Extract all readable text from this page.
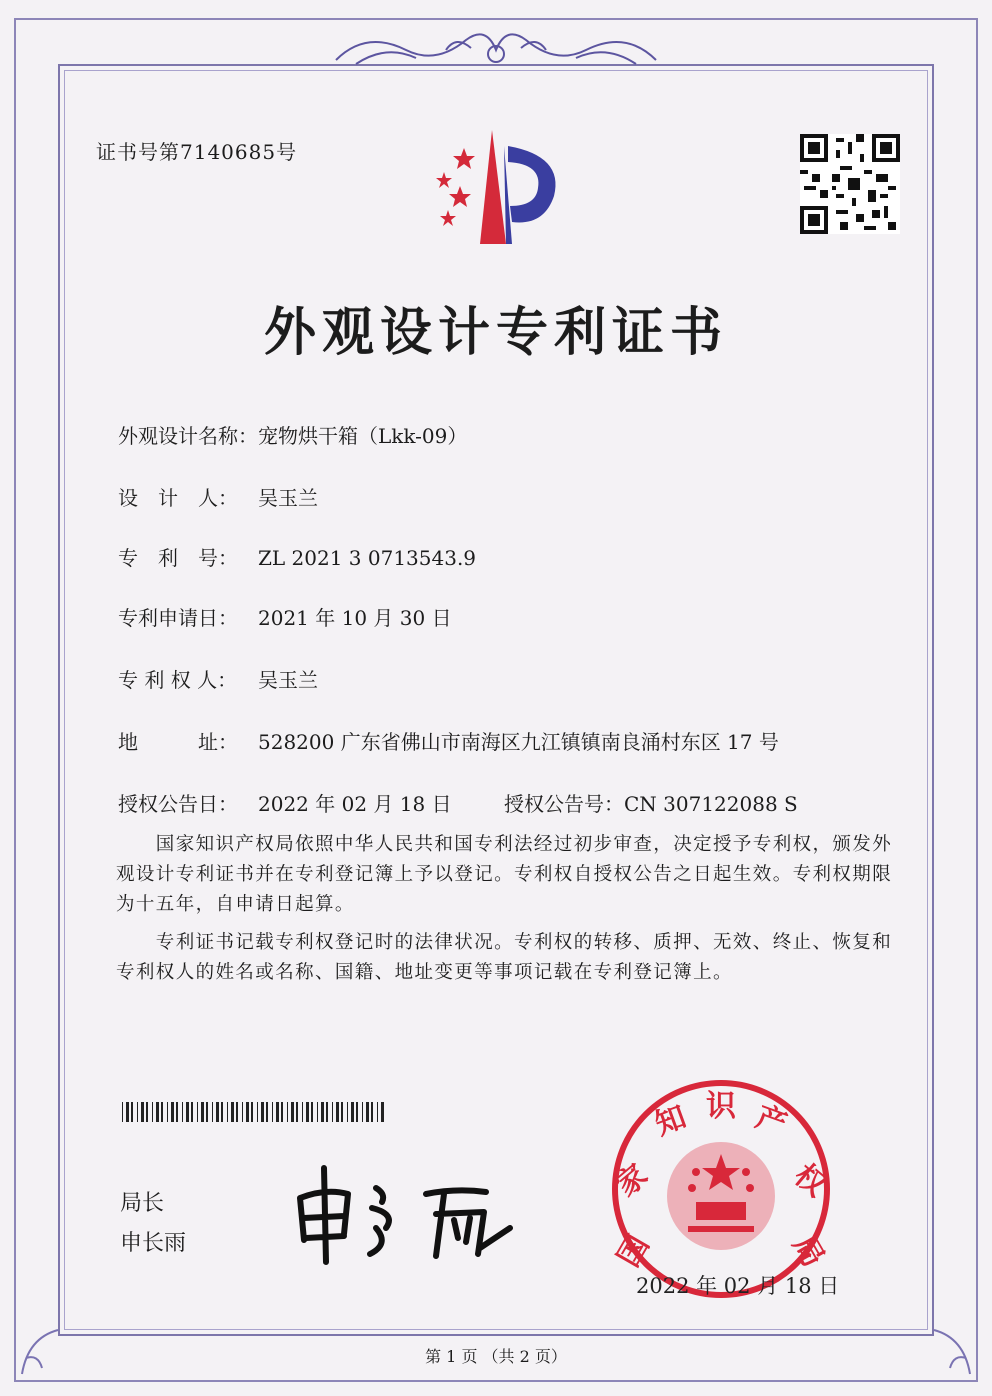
证书号第7140685号
外观设计专利证书
外观设计名称：宠物烘干箱（Lkk-09）
设　计　人： 吴玉兰
专　利　号： ZL 2021 3 0713543.9
专利申请日： 2021 年 10 月 30 日
专 利 权 人： 吴玉兰
地　　　址： 528200 广东省佛山市南海区九江镇镇南良涌村东区 17 号
授权公告日： 2022 年 02 月 18 日	授权公告号：CN 307122088 S
　　国家知识产权局依照中华人民共和国专利法经过初步审查，决定授予专利权，颁发外观设计专利证书并在专利登记簿上予以登记。专利权自授权公告之日起生效。专利权期限为十五年，自申请日起算。
　　专利证书记载专利权登记时的法律状况。专利权的转移、质押、无效、终止、恢复和专利权人的姓名或名称、国籍、地址变更等事项记载在专利登记簿上。
局长
申长雨	国
家
知 识 产
权
局
2022 年 02 月 18 日
第 1 页 （共 2 页）
